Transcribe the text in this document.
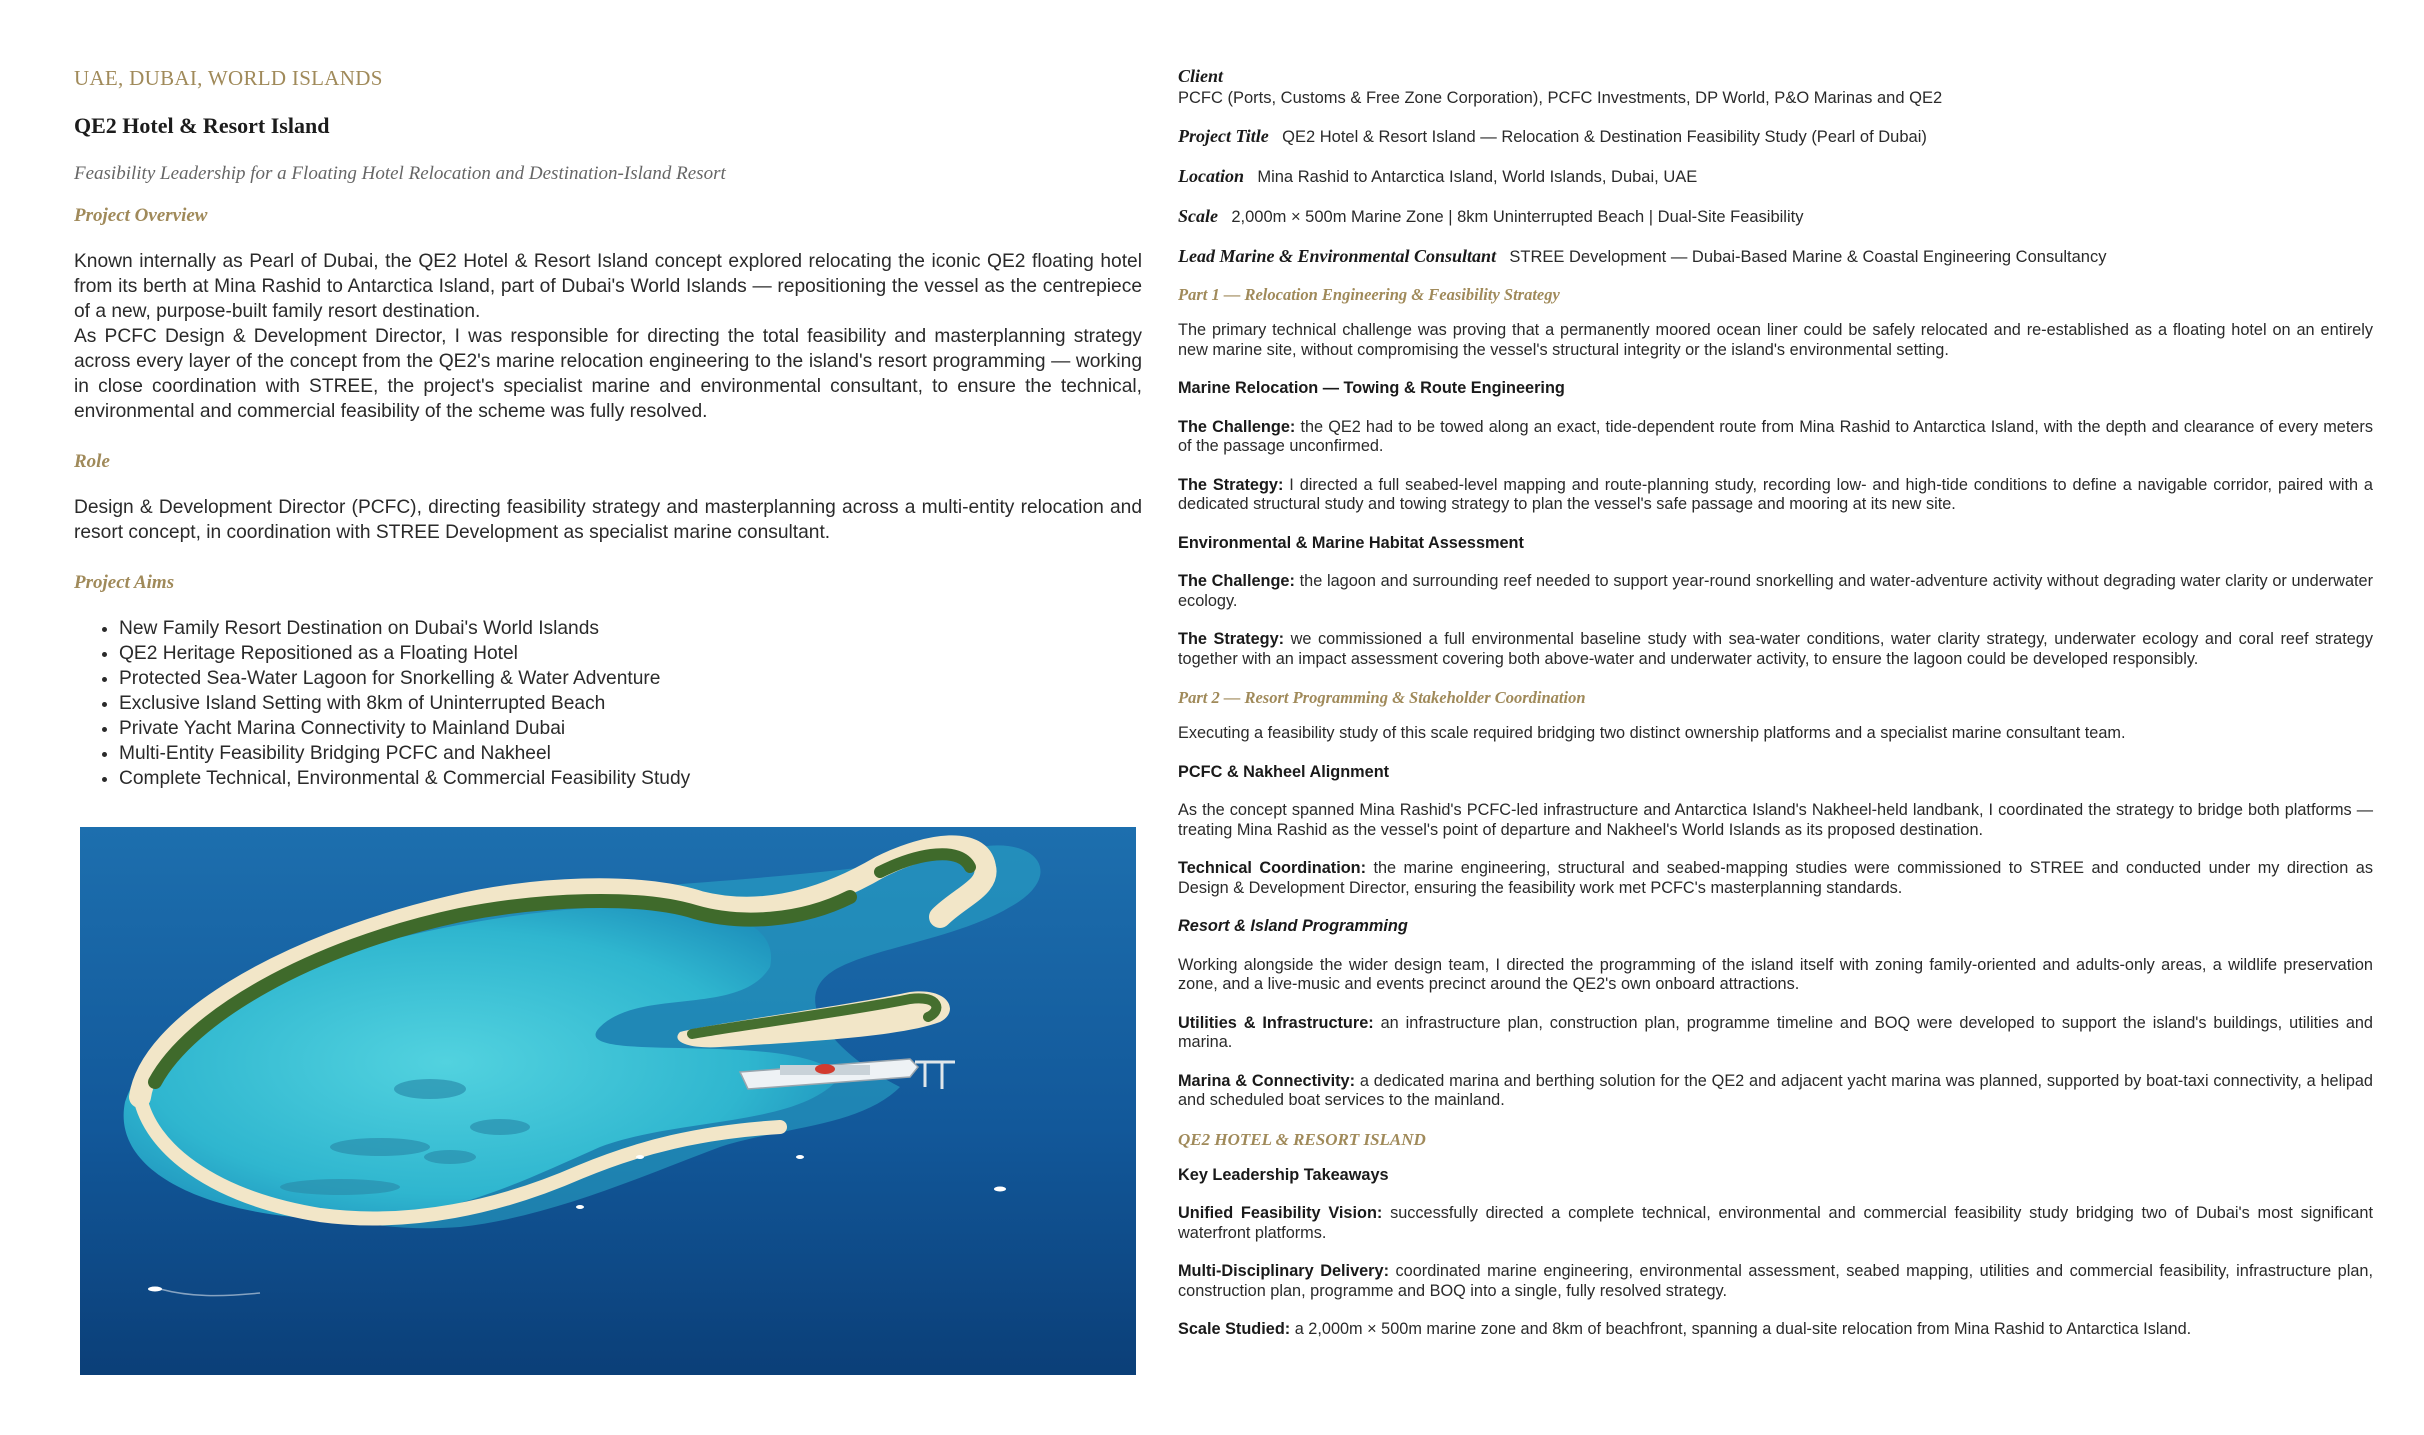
UAE, DUBAI, WORLD ISLANDS
QE2 Hotel & Resort Island
Feasibility Leadership for a Floating Hotel Relocation and Destination-Island Resort
Project Overview

Known internally as Pearl of Dubai, the QE2 Hotel & Resort Island concept explored relocating the iconic QE2 floating hotel from its berth at Mina Rashid to Antarctica Island, part of Dubai's World Islands — repositioning the vessel as the centrepiece of a new, purpose-built family resort destination.

As PCFC Design & Development Director, I was responsible for directing the total feasibility and masterplanning strategy across every layer of the concept from the QE2's marine relocation engineering to the island's resort programming — working in close coordination with STREE, the project's specialist marine and environmental consultant, to ensure the technical, environmental and commercial feasibility of the scheme was fully resolved.

Role

Design & Development Director (PCFC), directing feasibility strategy and masterplanning across a multi-entity relocation and resort concept, in coordination with STREE Development as specialist marine consultant.

Project Aims
• New Family Resort Destination on Dubai's World Islands
• QE2 Heritage Repositioned as a Floating Hotel
• Protected Sea-Water Lagoon for Snorkelling & Water Adventure
• Exclusive Island Setting with 8km of Uninterrupted Beach
• Private Yacht Marina Connectivity to Mainland Dubai
• Multi-Entity Feasibility Bridging PCFC and Nakheel
• Complete Technical, Environmental & Commercial Feasibility Study
Client
PCFC (Ports, Customs & Free Zone Corporation), PCFC Investments, DP World, P&O Marinas and QE2
Project Title QE2 Hotel & Resort Island — Relocation & Destination Feasibility Study (Pearl of Dubai)
Location Mina Rashid to Antarctica Island, World Islands, Dubai, UAE
Scale 2,000m × 500m Marine Zone | 8km Uninterrupted Beach | Dual-Site Feasibility
Lead Marine & Environmental Consultant STREE Development — Dubai-Based Marine & Coastal Engineering Consultancy
Part 1 — Relocation Engineering & Feasibility Strategy

The primary technical challenge was proving that a permanently moored ocean liner could be safely relocated and re-established as a floating hotel on an entirely new marine site, without compromising the vessel's structural integrity or the island's environmental setting.

Marine Relocation — Towing & Route Engineering

The Challenge: the QE2 had to be towed along an exact, tide-dependent route from Mina Rashid to Antarctica Island, with the depth and clearance of every meters of the passage unconfirmed.

The Strategy: I directed a full seabed-level mapping and route-planning study, recording low- and high-tide conditions to define a navigable corridor, paired with a dedicated structural study and towing strategy to plan the vessel's safe passage and mooring at its new site.

Environmental & Marine Habitat Assessment

The Challenge: the lagoon and surrounding reef needed to support year-round snorkelling and water-adventure activity without degrading water clarity or underwater ecology.

The Strategy: we commissioned a full environmental baseline study with sea-water conditions, water clarity strategy, underwater ecology and coral reef strategy together with an impact assessment covering both above-water and underwater activity, to ensure the lagoon could be developed responsibly.

Part 2 — Resort Programming & Stakeholder Coordination

Executing a feasibility study of this scale required bridging two distinct ownership platforms and a specialist marine consultant team.

PCFC & Nakheel Alignment

As the concept spanned Mina Rashid's PCFC-led infrastructure and Antarctica Island's Nakheel-held landbank, I coordinated the strategy to bridge both platforms — treating Mina Rashid as the vessel's point of departure and Nakheel's World Islands as its proposed destination.

Technical Coordination: the marine engineering, structural and seabed-mapping studies were commissioned to STREE and conducted under my direction as Design & Development Director, ensuring the feasibility work met PCFC's masterplanning standards.

Resort & Island Programming

Working alongside the wider design team, I directed the programming of the island itself with zoning family-oriented and adults-only areas, a wildlife preservation zone, and a live-music and events precinct around the QE2's own onboard attractions.

Utilities & Infrastructure: an infrastructure plan, construction plan, programme timeline and BOQ were developed to support the island's buildings, utilities and marina.

Marina & Connectivity: a dedicated marina and berthing solution for the QE2 and adjacent yacht marina was planned, supported by boat-taxi connectivity, a helipad and scheduled boat services to the mainland.

QE2 HOTEL & RESORT ISLAND
Key Leadership Takeaways

Unified Feasibility Vision: successfully directed a complete technical, environmental and commercial feasibility study bridging two of Dubai's most significant waterfront platforms.

Multi-Disciplinary Delivery: coordinated marine engineering, environmental assessment, seabed mapping, utilities and commercial feasibility, infrastructure plan, construction plan, programme and BOQ into a single, fully resolved strategy.

Scale Studied: a 2,000m × 500m marine zone and 8km of beachfront, spanning a dual-site relocation from Mina Rashid to Antarctica Island.
